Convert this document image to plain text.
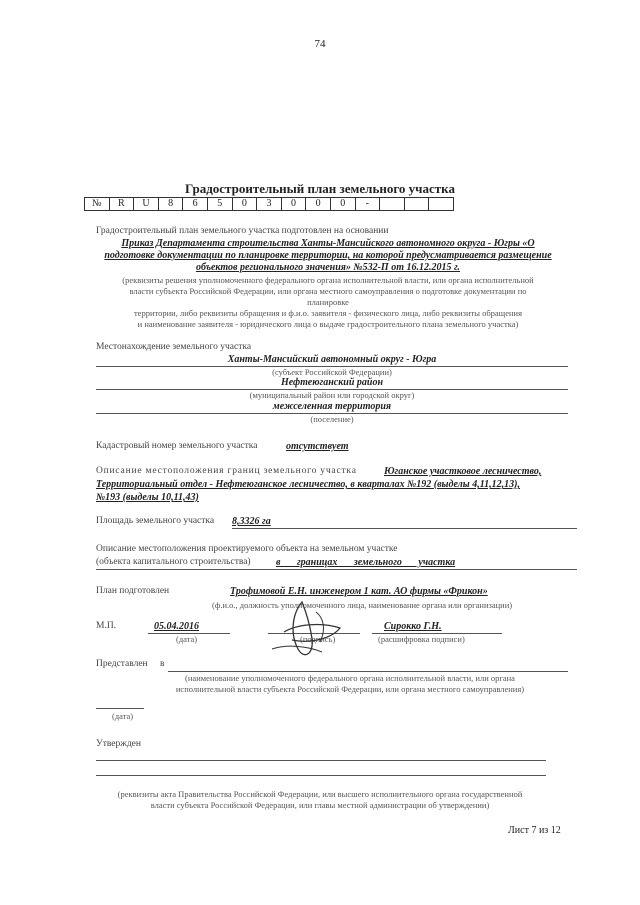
74
Градостроительный план земельного участка
№	R	U	8	6	5	0	3	0	0	0	-			
Градостроительный план земельного участка подготовлен на основании
Приказ Департамента строительства Ханты-Мансийского автономного округа - Югры «О
подготовке документации по планировке территории, на которой предусматривается размещение
объектов регионального значения» №532-П от 16.12.2015 г.
(реквизиты решения уполномоченного федерального органа исполнительной власти, или органа исполнительной
власти субъекта Российской Федерации, или органа местного самоуправления о подготовке документации по
планировке
территории, либо реквизиты обращения и ф.и.о. заявителя - физического лица, либо реквизиты обращения
и наименование заявителя - юридического лица о выдаче градостроительного плана земельного участка)
Местонахождение земельного участка
Ханты-Мансийский автономный округ - Югра
(субъект Российской Федерации)
Нефтеюганский район
(муниципальный район или городской округ)
межселенная территория
(поселение)
Кадастровый номер земельного участка	отсутствует
Описание местоположения границ земельного участка	Юганское участковое лесничество,
Территориальный отдел - Нефтеюганское лесничество, в кварталах №192 (выделы 4,11,12,13),
№193 (выделы 10,11,43)
Площадь земельного участка 8,3326 га
Описание местоположения проектируемого объекта на земельном участке
(объекта капитального строительства)	в границах земельного участка
План подготовлен	Трофимовой Е.Н. инженером 1 кат. АО фирмы «Фрикон»
(ф.и.о., должность уполномоченного лица, наименование органа или организации)
М.П.	05.04.2016
(дата)	(подпись)
Сирокко Г.Н.
(расшифровка подписи)
Представлен в
(наименование уполномоченного федерального органа исполнительной власти, или органа
исполнительной власти субъекта Российской Федерации, или органа местного самоуправления)
(дата)
Утвержден
(реквизиты акта Правительства Российской Федерации, или высшего исполнительного органа государственной
власти субъекта Российской Федерации, или главы местной администрации об утверждении)
Лист 7 из 12
